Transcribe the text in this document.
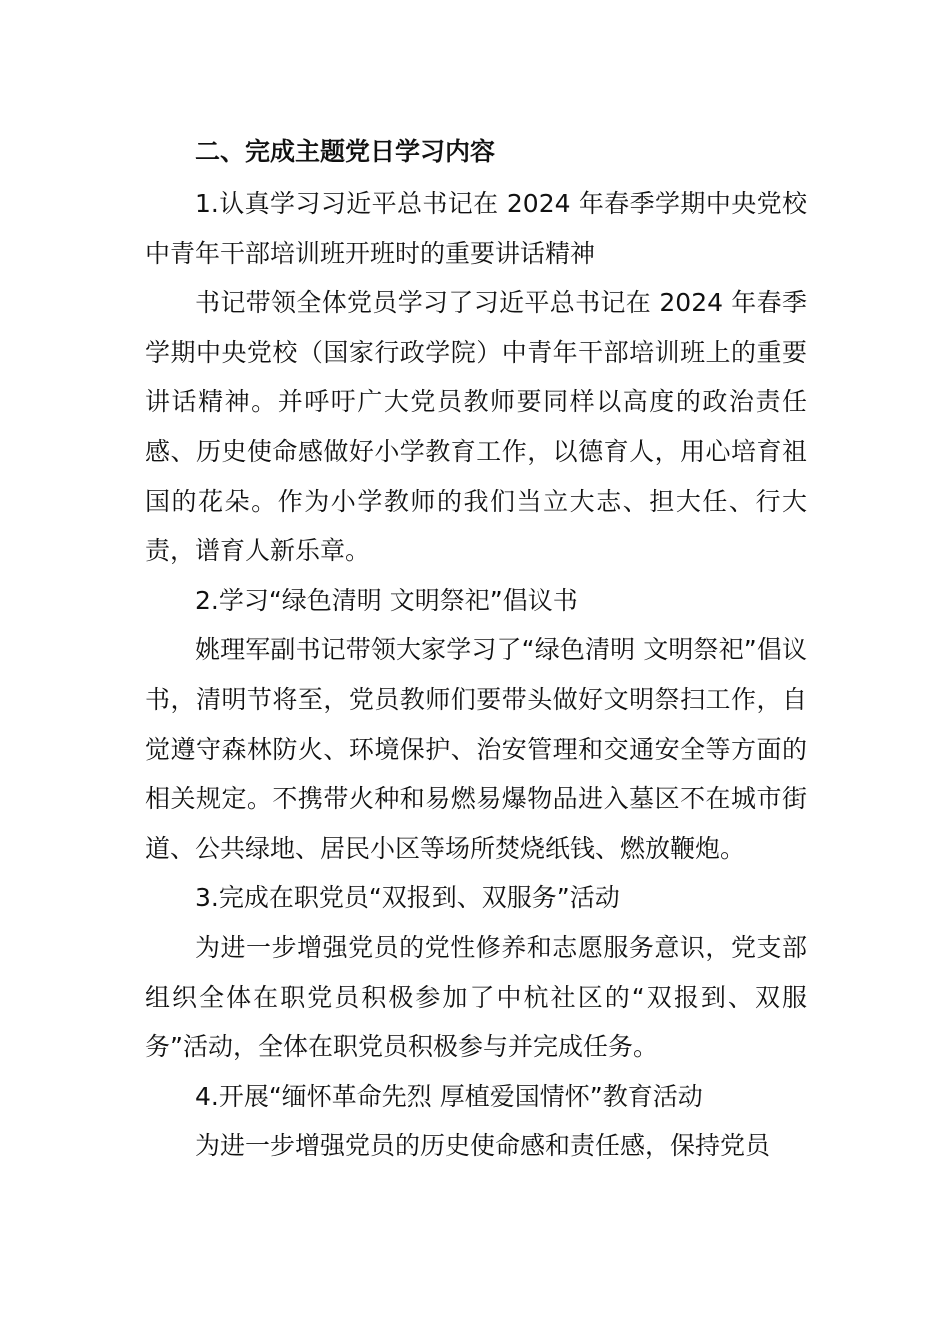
二、完成主题党日学习内容

1.认真学习习近平总书记在 2024 年春季学期中央党校中青年干部培训班开班时的重要讲话精神

书记带领全体党员学习了习近平总书记在 2024 年春季学期中央党校（国家行政学院）中青年干部培训班上的重要讲话精神。并呼吁广大党员教师要同样以高度的政治责任感、历史使命感做好小学教育工作，以德育人，用心培育祖国的花朵。作为小学教师的我们当立大志、担大任、行大责，谱育人新乐章。

2.学习“绿色清明 文明祭祀”倡议书

姚理军副书记带领大家学习了“绿色清明 文明祭祀”倡议书，清明节将至，党员教师们要带头做好文明祭扫工作，自觉遵守森林防火、环境保护、治安管理和交通安全等方面的相关规定。不携带火种和易燃易爆物品进入墓区不在城市街道、公共绿地、居民小区等场所焚烧纸钱、燃放鞭炮。

3.完成在职党员“双报到、双服务”活动

为进一步增强党员的党性修养和志愿服务意识，党支部组织全体在职党员积极参加了中杭社区的“双报到、双服务”活动，全体在职党员积极参与并完成任务。

4.开展“缅怀革命先烈 厚植爱国情怀”教育活动

为进一步增强党员的历史使命感和责任感，保持党员
